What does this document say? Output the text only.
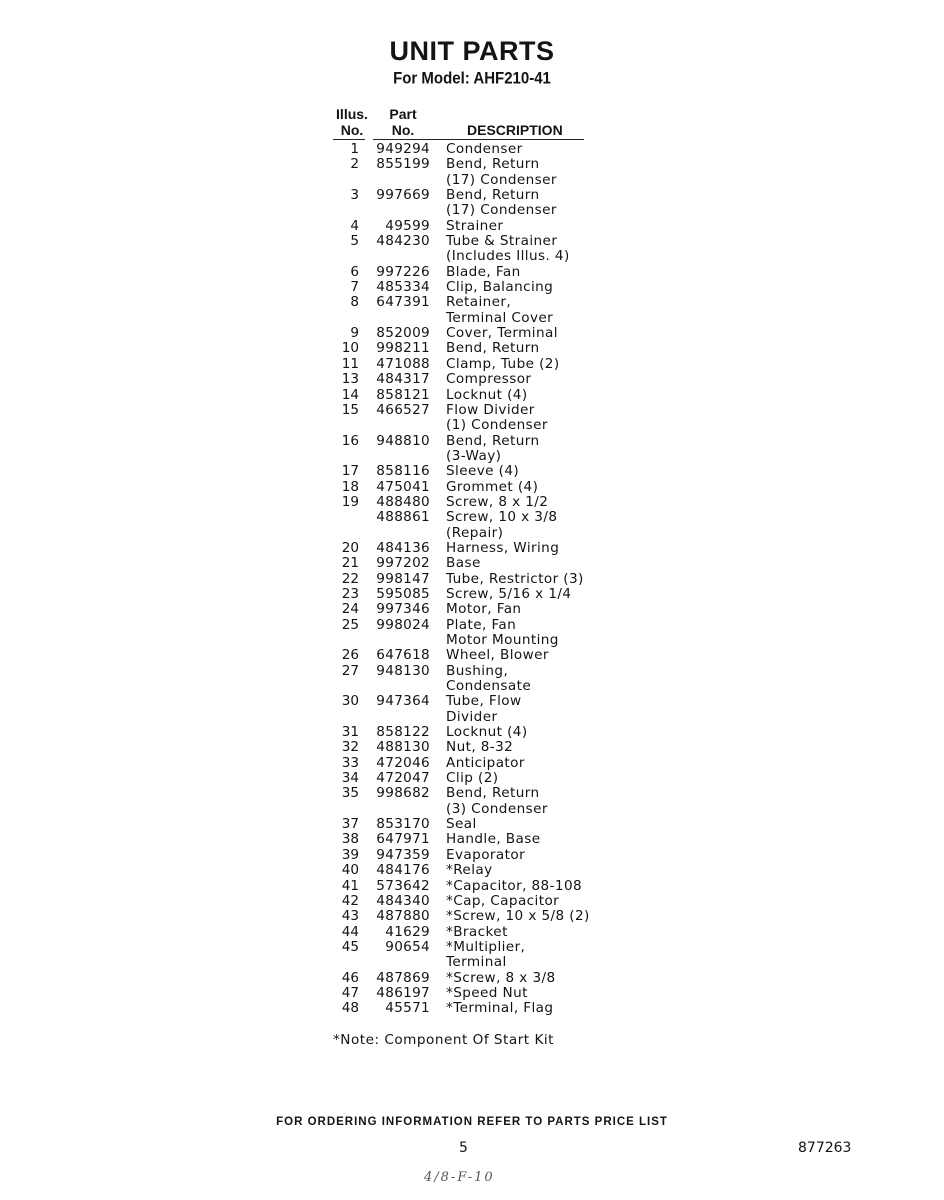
UNIT PARTS
For Model: AHF210-41
Illus.
No.
Part
No.	DESCRIPTION
1 949294 Condenser
2 855199 Bend, Return
(17) Condenser
3 997669 Bend, Return
(17) Condenser
4 49599 Strainer
5 484230 Tube & Strainer
(Includes Illus. 4)
6 997226 Blade, Fan
7 485334 Clip, Balancing
8 647391 Retainer,
Terminal Cover
9 852009 Cover, Terminal
10 998211 Bend, Return
11 471088 Clamp, Tube (2)
13 484317 Compressor
14 858121 Locknut (4)
15 466527 Flow Divider
(1) Condenser
16 948810 Bend, Return
(3-Way)
17 858116 Sleeve (4)
18 475041 Grommet (4)
19 488480 Screw, 8 x 1/2
488861 Screw, 10 x 3/8
(Repair)
20 484136 Harness, Wiring
21 997202 Base
22 998147 Tube, Restrictor (3)
23 595085 Screw, 5/16 x 1/4
24 997346 Motor, Fan
25 998024 Plate, Fan
Motor Mounting
26 647618 Wheel, Blower
27 948130 Bushing,
Condensate
30 947364 Tube, Flow
Divider
31 858122 Locknut (4)
32 488130 Nut, 8-32
33 472046 Anticipator
34 472047 Clip (2)
35 998682 Bend, Return
(3) Condenser
37 853170 Seal
38 647971 Handle, Base
39 947359 Evaporator
40 484176 *Relay
41 573642 *Capacitor, 88-108
42 484340 *Cap, Capacitor
43 487880 *Screw, 10 x 5/8 (2)
44 41629 *Bracket
45 90654 *Multiplier,
Terminal
46 487869 *Screw, 8 x 3/8
47 486197 *Speed Nut
48 45571 *Terminal, Flag
*Note: Component Of Start Kit
FOR ORDERING INFORMATION REFER TO PARTS PRICE LIST
5	877263
4/8-F-10
